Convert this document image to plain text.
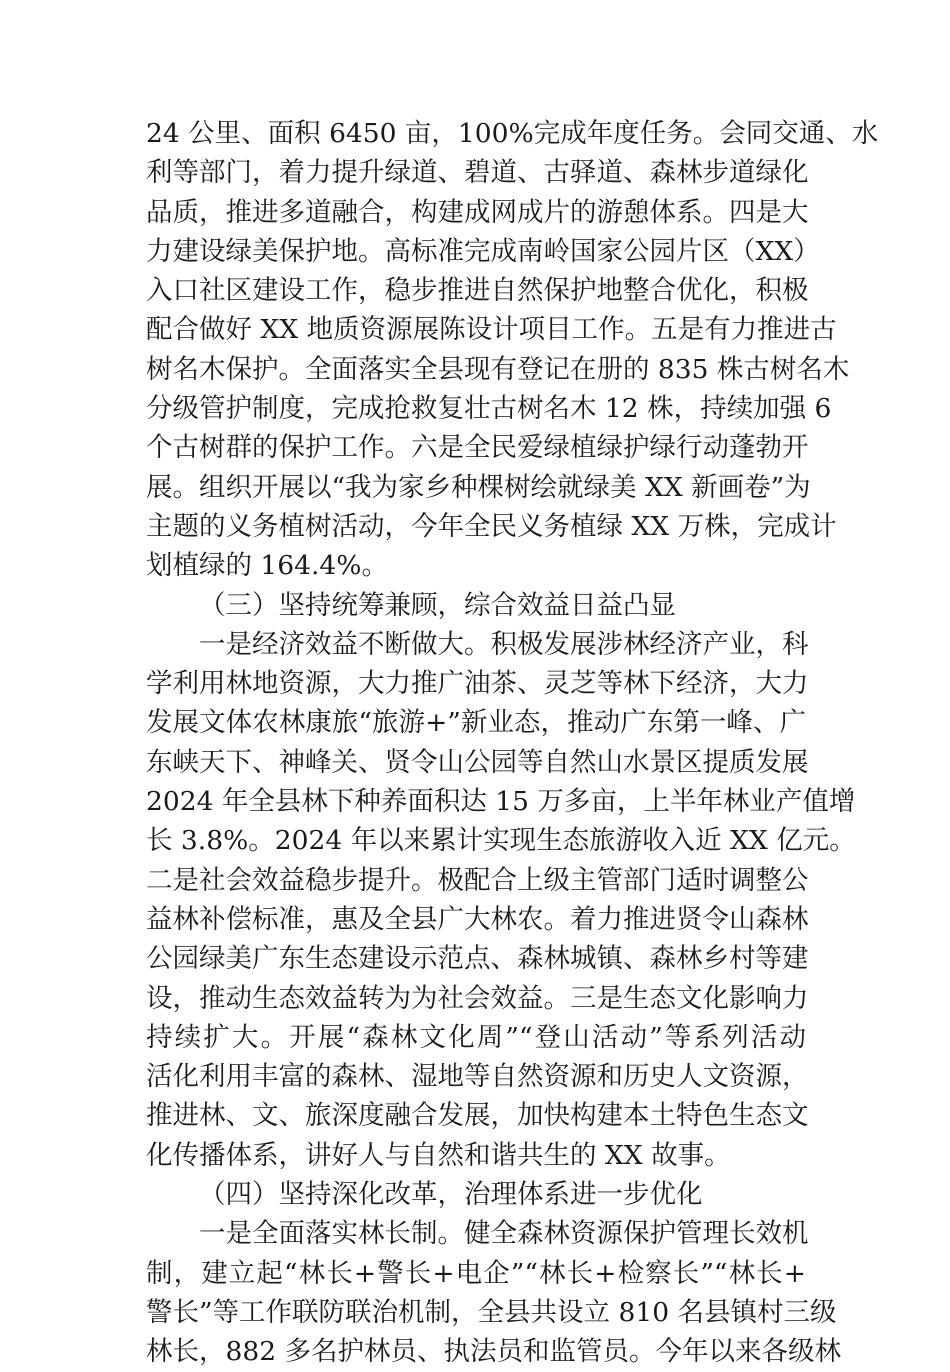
24 公里、面积 6450 亩，100%完成年度任务。会同交通、水
利等部门，着力提升绿道、碧道、古驿道、森林步道绿化
品质，推进多道融合，构建成网成片的游憩体系。四是大
力建设绿美保护地。高标准完成南岭国家公园片区（XX）
入口社区建设工作，稳步推进自然保护地整合优化，积极
配合做好 XX 地质资源展陈设计项目工作。五是有力推进古
树名木保护。全面落实全县现有登记在册的 835 株古树名木
分级管护制度，完成抢救复壮古树名木 12 株，持续加强 6
个古树群的保护工作。六是全民爱绿植绿护绿行动蓬勃开
展。组织开展以“我为家乡种棵树绘就绿美 XX 新画卷”为
主题的义务植树活动，今年全民义务植绿 XX 万株，完成计
划植绿的 164.4%。
（三）坚持统筹兼顾，综合效益日益凸显
一是经济效益不断做大。积极发展涉林经济产业，科
学利用林地资源，大力推广油茶、灵芝等林下经济，大力
发展文体农林康旅“旅游+”新业态，推动广东第一峰、广
东峡天下、神峰关、贤令山公园等自然山水景区提质发展
2024 年全县林下种养面积达 15 万多亩，上半年林业产值增
长 3.8%。2024 年以来累计实现生态旅游收入近 XX 亿元。
二是社会效益稳步提升。极配合上级主管部门适时调整公
益林补偿标准，惠及全县广大林农。着力推进贤令山森林
公园绿美广东生态建设示范点、森林城镇、森林乡村等建
设，推动生态效益转为为社会效益。三是生态文化影响力
持续扩大。开展“森林文化周”“登山活动”等系列活动
活化利用丰富的森林、湿地等自然资源和历史人文资源，
推进林、文、旅深度融合发展，加快构建本土特色生态文
化传播体系，讲好人与自然和谐共生的 XX 故事。
（四）坚持深化改革，治理体系进一步优化
一是全面落实林长制。健全森林资源保护管理长效机
制，建立起“林长+警长+电企”“林长+检察长”“林长+
警长”等工作联防联治机制，全县共设立 810 名县镇村三级
林长，882 多名护林员、执法员和监管员。今年以来各级林
